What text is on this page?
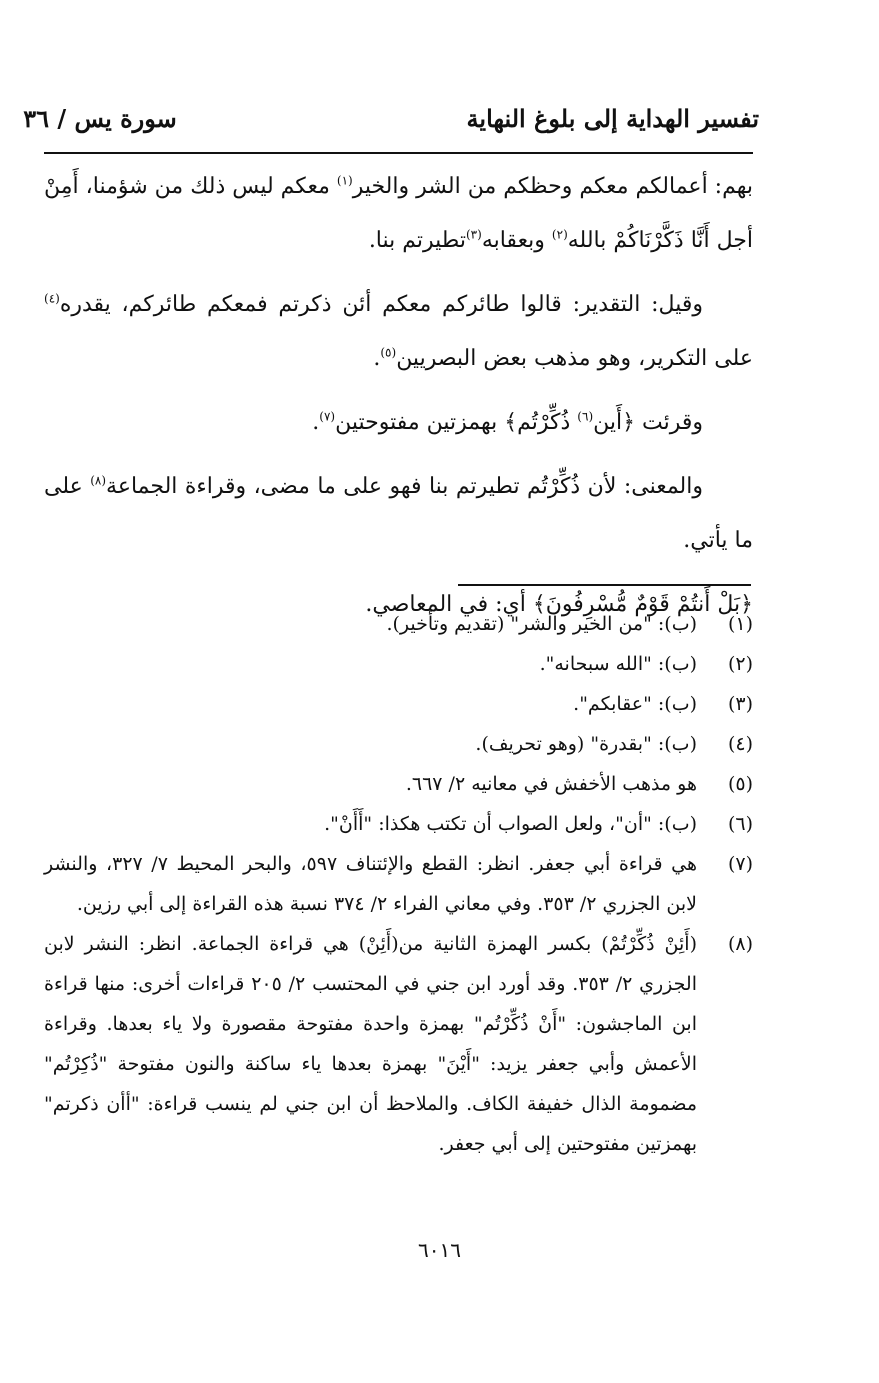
تفسير الهداية إلى بلوغ النهاية
سورة يس / ٣٦

بهم: أعمالكم معكم وحظكم من الشر والخير$^{(١)}$ معكم ليس ذلك من شؤمنا، أَمِنْ أجل أَنَّا ذَكَّرْنَاكُمْ بالله$^{(٢)}$ وبعقابه$^{(٣)}$تطيرتم بنا.

وقيل: التقدير: قالوا طائركم معكم أئن ذكرتم فمعكم طائركم، يقدره$^{(٤)}$ على التكرير، وهو مذهب بعض البصريين$^{(٥)}$.

وقرئت ﴿أَين$^{(٦)}$ ذُكِّرْتُم﴾ بهمزتين مفتوحتين$^{(٧)}$.

والمعنى: لأن ذُكِّرْتُم تطيرتم بنا فهو على ما مضى، وقراءة الجماعة$^{(٨)}$ على ما يأتي.

﴿بَلْ أَنتُمْ قَوْمٌ مُّسْرِفُونَ﴾ أي: في المعاصي.

(١)
(ب): "من الخير والشر" (تقديم وتأخير).
(٢)
(ب): "الله سبحانه".
(٣)
(ب): "عقابكم".
(٤)
(ب): "بقدرة" (وهو تحريف).
(٥)
هو مذهب الأخفش في معانيه ٢/ ٦٦٧.
(٦)
(ب): "أن"، ولعل الصواب أن تكتب هكذا: "أَأَنْ".
(٧)
هي قراءة أبي جعفر. انظر: القطع والإئتناف ٥٩٧، والبحر المحيط ٧/ ٣٢٧، والنشر لابن الجزري ٢/ ٣٥٣. وفي معاني الفراء ٢/ ٣٧٤ نسبة هذه القراءة إلى أبي رزين.
(٨)
(أَئِنْ ذُكِّرْتُمْ) بكسر الهمزة الثانية من(أَئِنْ) هي قراءة الجماعة. انظر: النشر لابن الجزري ٢/ ٣٥٣. وقد أورد ابن جني في المحتسب ٢/ ٢٠٥ قراءات أخرى: منها قراءة ابن الماجشون: "أَنْ ذُكِّرْتُم" بهمزة واحدة مفتوحة مقصورة ولا ياء بعدها. وقراءة الأعمش وأبي جعفر يزيد: "أَيْنَ" بهمزة بعدها ياء ساكنة والنون مفتوحة "ذُكِرْتُم" مضمومة الذال خفيفة الكاف. والملاحظ أن ابن جني لم ينسب قراءة: "أأن ذكرتم" بهمزتين مفتوحتين إلى أبي جعفر.
٦٠١٦
